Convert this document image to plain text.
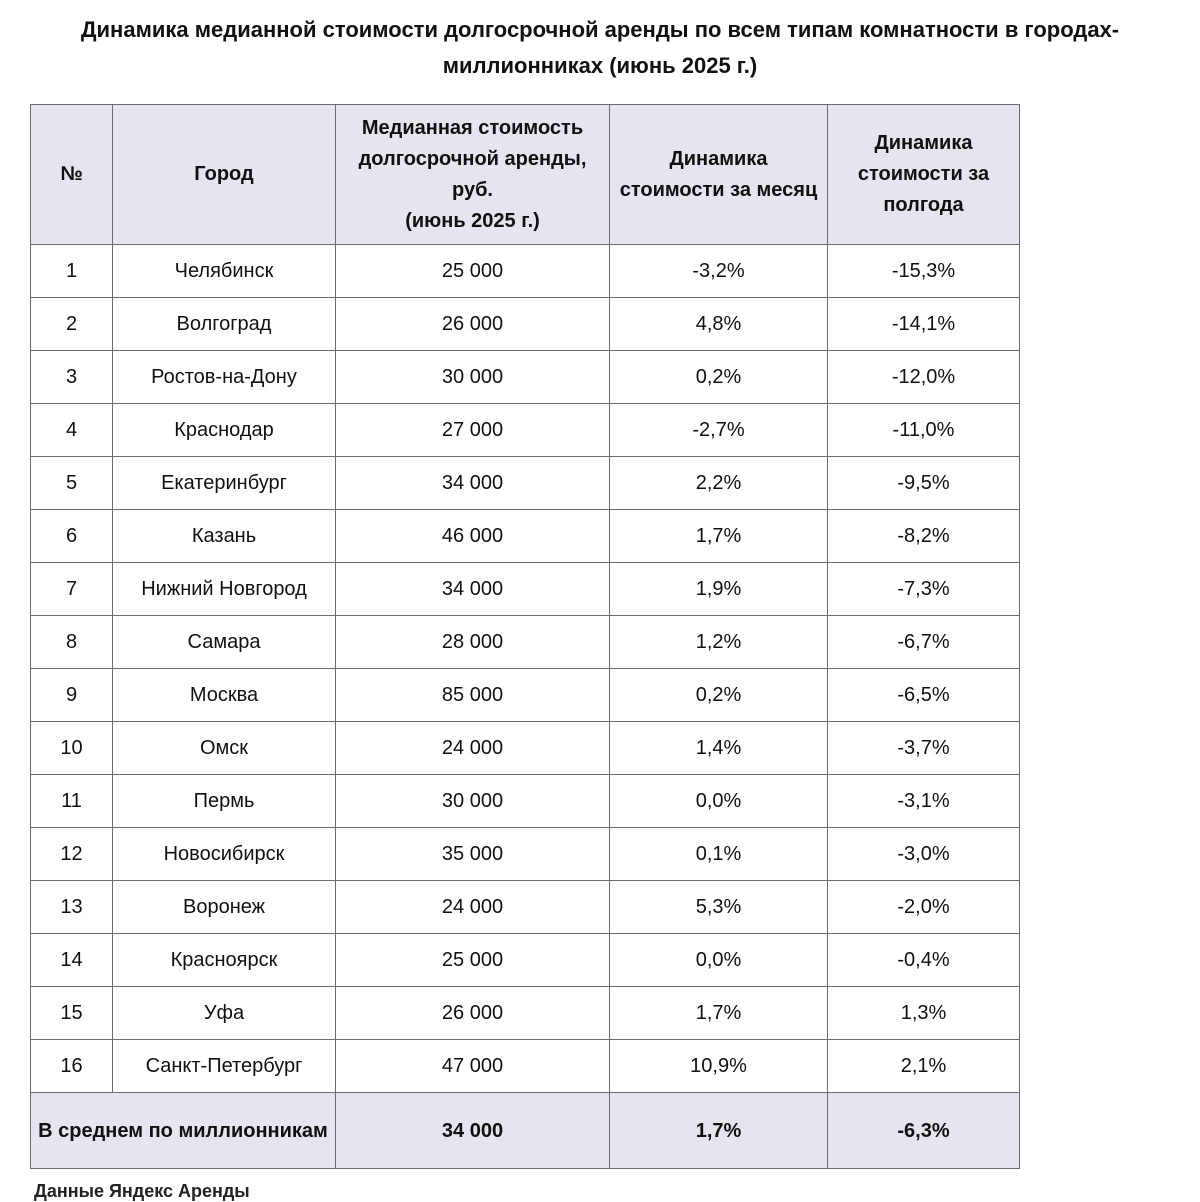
Динамика медианной стоимости долгосрочной аренды по всем типам комнатности в городах-
миллионниках (июнь 2025 г.)
№	Город	Медианная стоимость долгосрочной аренды, руб.
(июнь 2025 г.)	Динамика стоимости за месяц	Динамика стоимости за полгода
1	Челябинск	25 000	-3,2%	-15,3%
2	Волгоград	26 000	4,8%	-14,1%
3	Ростов-на-Дону	30 000	0,2%	-12,0%
4	Краснодар	27 000	-2,7%	-11,0%
5	Екатеринбург	34 000	2,2%	-9,5%
6	Казань	46 000	1,7%	-8,2%
7	Нижний Новгород	34 000	1,9%	-7,3%
8	Самара	28 000	1,2%	-6,7%
9	Москва	85 000	0,2%	-6,5%
10	Омск	24 000	1,4%	-3,7%
11	Пермь	30 000	0,0%	-3,1%
12	Новосибирск	35 000	0,1%	-3,0%
13	Воронеж	24 000	5,3%	-2,0%
14	Красноярск	25 000	0,0%	-0,4%
15	Уфа	26 000	1,7%	1,3%
16	Санкт-Петербург	47 000	10,9%	2,1%
В среднем по миллионникам		34 000	1,7%	-6,3%
Данные Яндекс Аренды
